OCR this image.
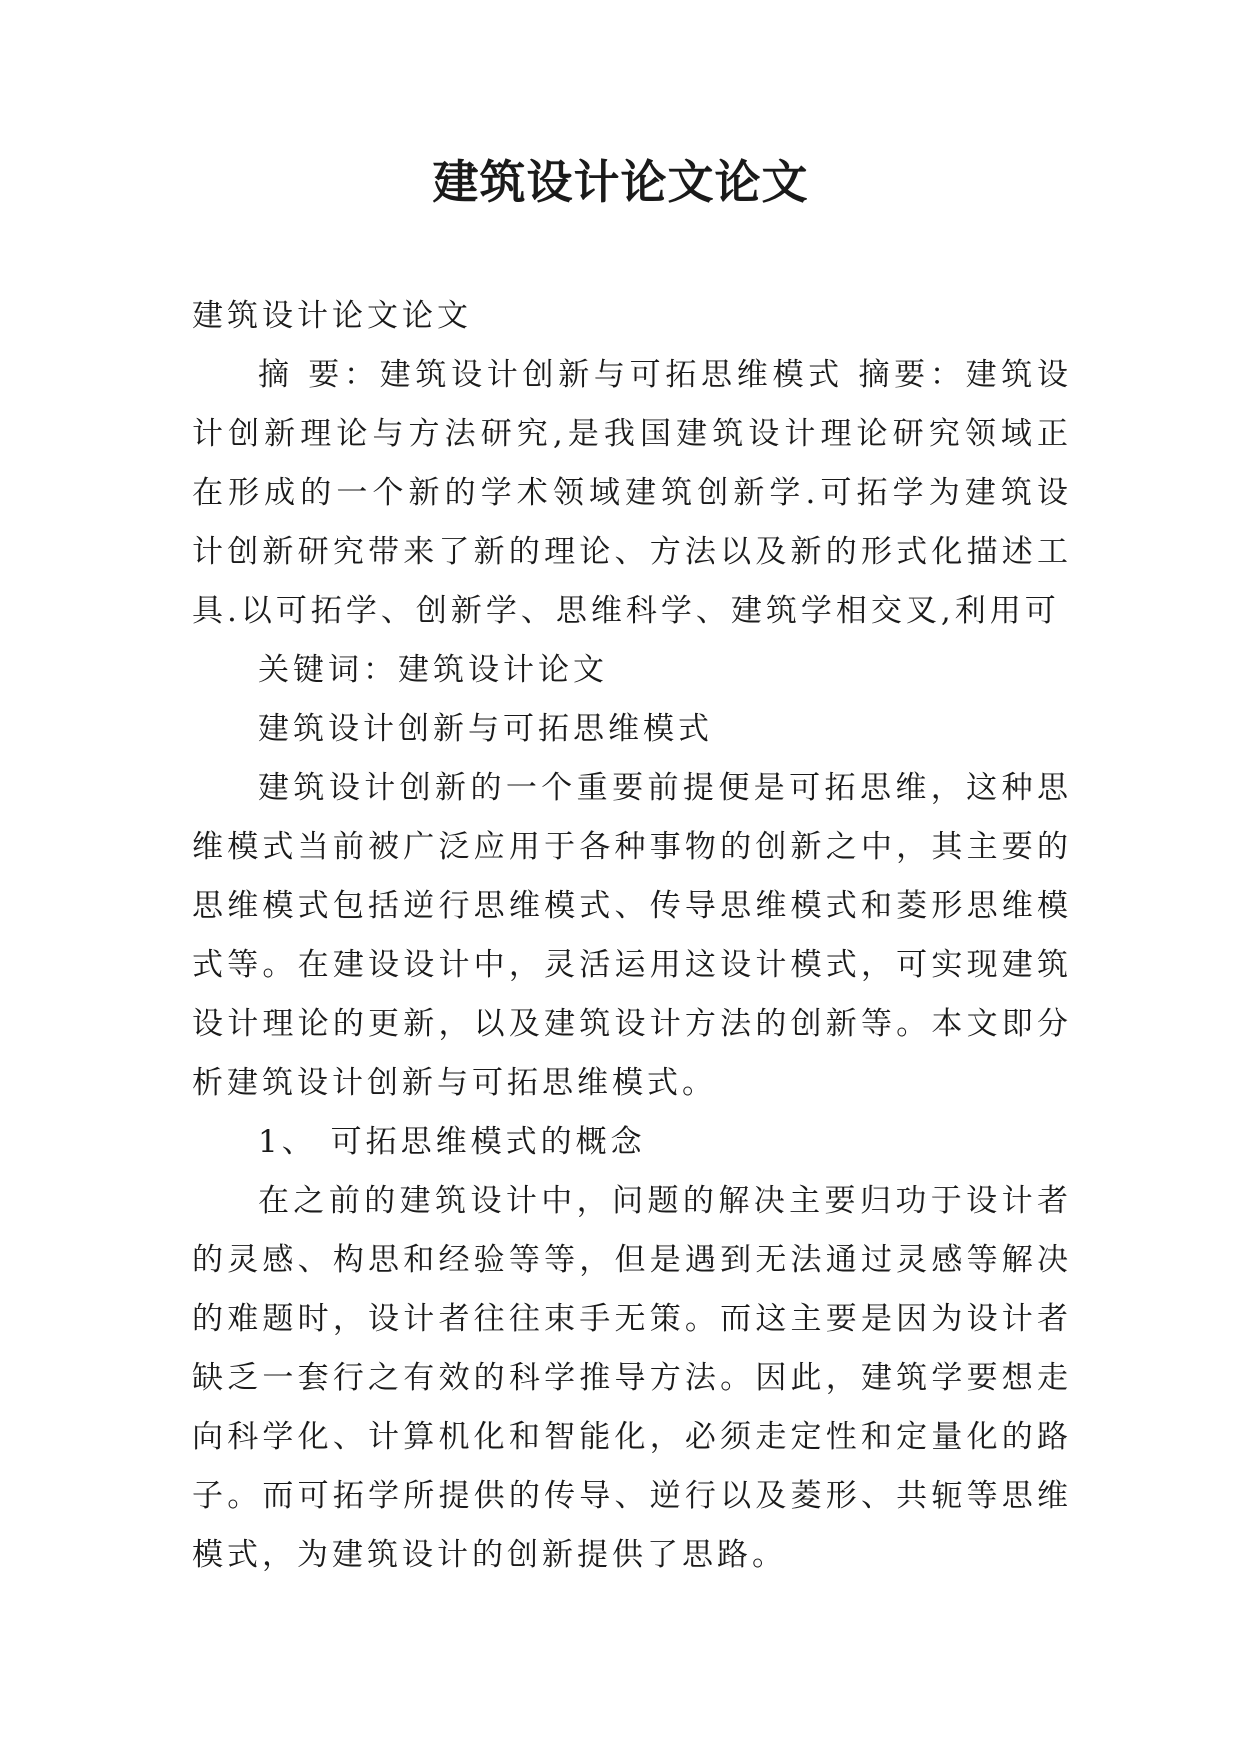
建筑设计论文论文

建筑设计论文论文

摘 要：建筑设计创新与可拓思维模式 摘要：建筑设计创新理论与方法研究,是我国建筑设计理论研究领域正在形成的一个新的学术领域建筑创新学.可拓学为建筑设计创新研究带来了新的理论、方法以及新的形式化描述工具.以可拓学、创新学、思维科学、建筑学相交叉,利用可

关键词：建筑设计论文

建筑设计创新与可拓思维模式

建筑设计创新的一个重要前提便是可拓思维，这种思维模式当前被广泛应用于各种事物的创新之中，其主要的思维模式包括逆行思维模式、传导思维模式和菱形思维模式等。在建设设计中，灵活运用这设计模式，可实现建筑设计理论的更新，以及建筑设计方法的创新等。本文即分析建筑设计创新与可拓思维模式。

1、 可拓思维模式的概念

在之前的建筑设计中，问题的解决主要归功于设计者的灵感、构思和经验等等，但是遇到无法通过灵感等解决的难题时，设计者往往束手无策。而这主要是因为设计者缺乏一套行之有效的科学推导方法。因此，建筑学要想走向科学化、计算机化和智能化，必须走定性和定量化的路子。而可拓学所提供的传导、逆行以及菱形、共轭等思维模式，为建筑设计的创新提供了思路。
